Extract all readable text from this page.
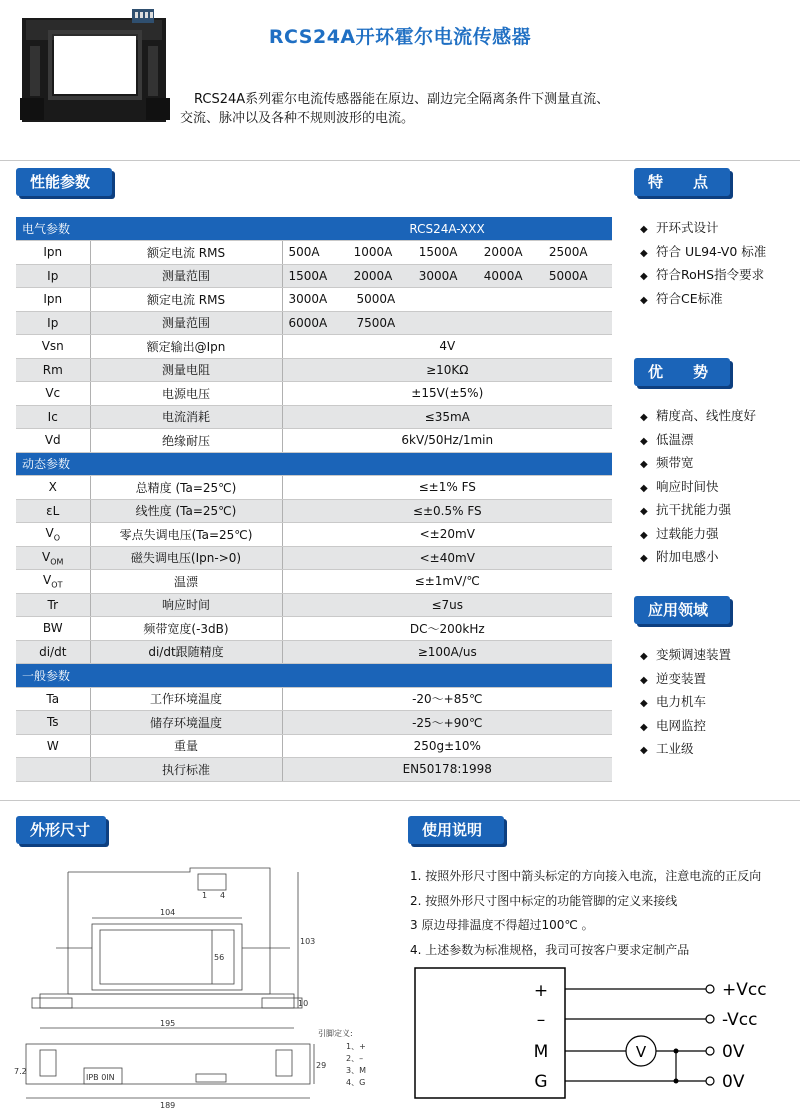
RCS24A开环霍尔电流传感器
RCS24A系列霍尔电流传感器能在原边、副边完全隔离条件下测量直流、交流、脉冲以及各种不规则波形的电流。
性能参数	特　　点
优　　势
应用领域
外形尺寸	使用说明
电气参数		RCS24A-XXX
Ipn	额定电流 RMS	500A 1000A 1500A 2000A 2500A

Ip	测量范围	1500A 2000A 3000A 4000A 5000A

Ipn	额定电流 RMS	3000A 5000A

Ip	测量范围	6000A 7500A

Vsn	额定输出@Ipn	4V
Rm	测量电阻	≥10KΩ
Vc	电源电压	±15V(±5%)
Ic	电流消耗	≤35mA
Vd	绝缘耐压	6kV/50Hz/1min
动态参数		
X	总精度 (Ta=25℃)	≤±1% FS
εL	线性度 (Ta=25℃)	≤±0.5% FS
$V_O$	零点失调电压(Ta=25℃)	<±20mV
$V_{OM}$	磁失调电压(Ipn->0)	<±40mV
$V_{OT}$	温漂	≤±1mV/℃
Tr	响应时间	≤7us
BW	频带宽度(-3dB)	DC～200kHz
di/dt	di/dt跟随精度	≥100A/us
一般参数		
Ta	工作环境温度	-20～+85℃
Ts	储存环境温度	-25～+90℃
W	重量	250g±10%
	执行标准	EN50178:1998
◆ 开环式设计
◆ 符合 UL94-V0 标准
◆ 符合RoHS指令要求
◆ 符合CE标准
◆ 精度高、线性度好
◆ 低温漂
◆ 频带宽
◆ 响应时间快
◆ 抗干扰能力强
◆ 过载能力强
◆ 附加电感小
◆ 变频调速装置
◆ 逆变装置
◆ 电力机车
◆ 电网监控
◆ 工业级
1. 按照外形尺寸图中箭头标定的方向接入电流，注意电流的正反向
2. 按照外形尺寸图中标定的功能管脚的定义来接线
3 原边母排温度不得超过100℃ 。
4. 上述参数为标准规格，我司可按客户要求定制产品
+
–
M
G
V
+Vcc
-Vcc
0V
0V
104
56
103
10
195
189
29
7.2
1 4
IPB 0IN
引脚定义:
1、+
2、–
3、M
4、G
